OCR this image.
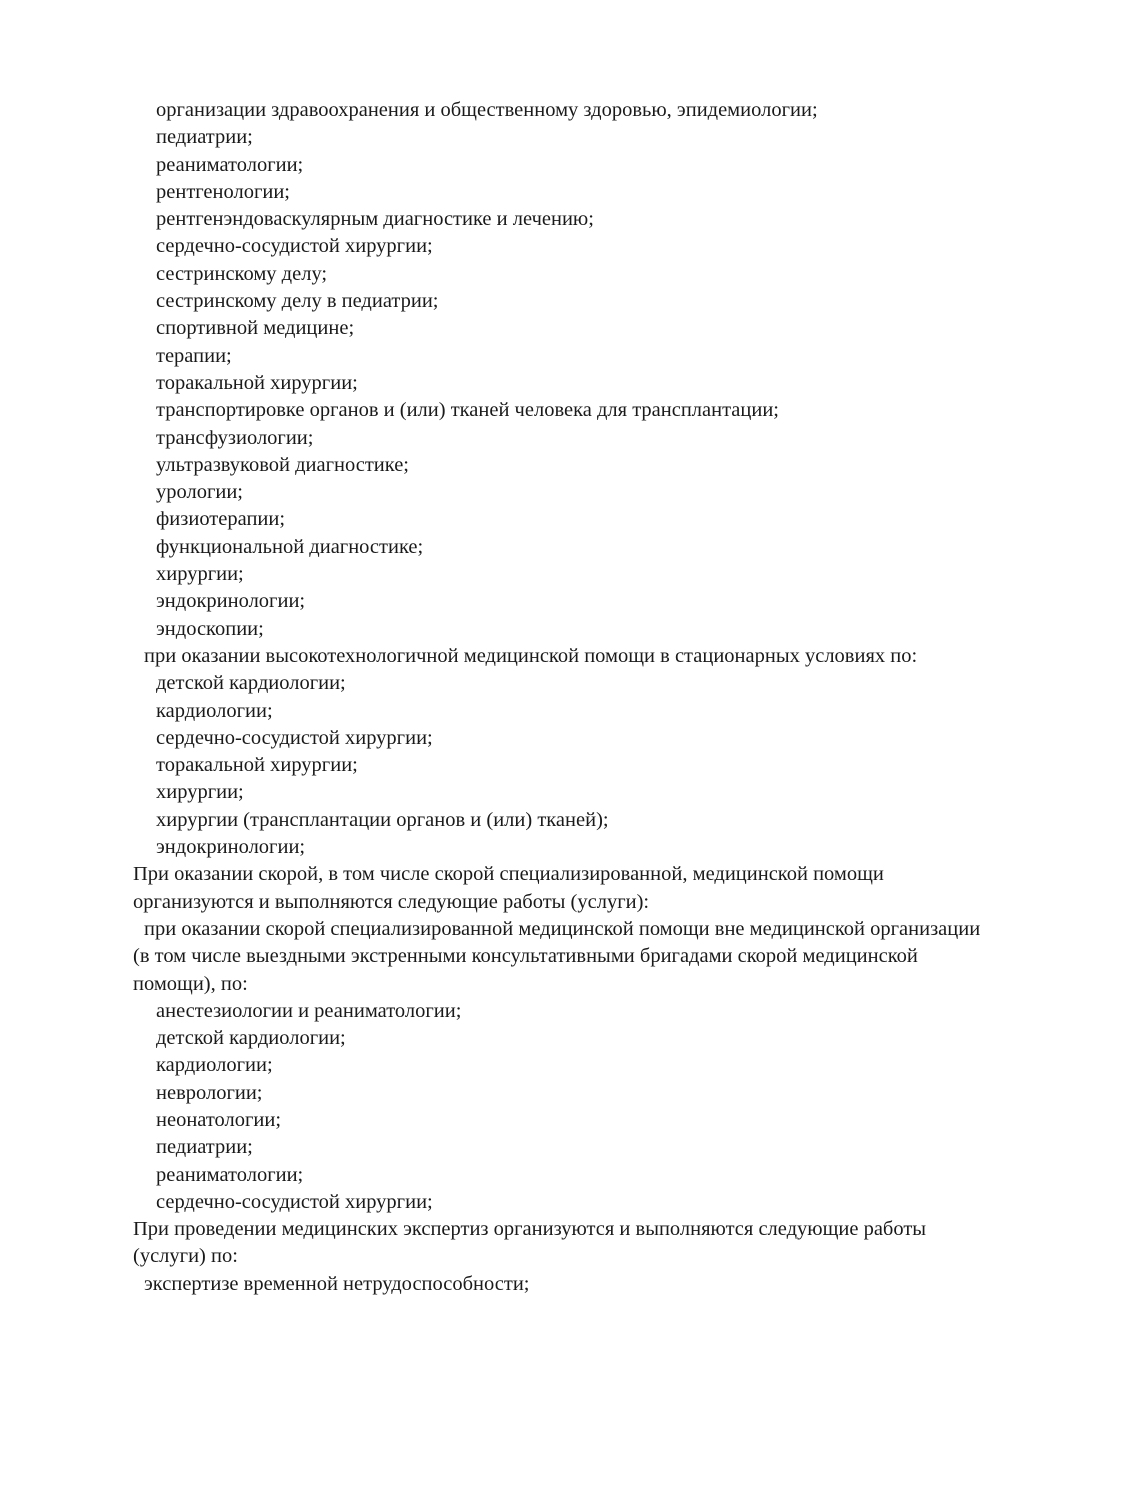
организации здравоохранения и общественному здоровью, эпидемиологии;
педиатрии;
реаниматологии;
рентгенологии;
рентгенэндоваскулярным диагностике и лечению;
сердечно-сосудистой хирургии;
сестринскому делу;
сестринскому делу в педиатрии;
спортивной медицине;
терапии;
торакальной хирургии;
транспортировке органов и (или) тканей человека для трансплантации;
трансфузиологии;
ультразвуковой диагностике;
урологии;
физиотерапии;
функциональной диагностике;
хирургии;
эндокринологии;
эндоскопии;
при оказании высокотехнологичной медицинской помощи в стационарных условиях по:
детской кардиологии;
кардиологии;
сердечно-сосудистой хирургии;
торакальной хирургии;
хирургии;
хирургии (трансплантации органов и (или) тканей);
эндокринологии;
При оказании скорой, в том числе скорой специализированной, медицинской помощи
организуются и выполняются следующие работы (услуги):
при оказании скорой специализированной медицинской помощи вне медицинской организации
(в том числе выездными экстренными консультативными бригадами скорой медицинской
помощи), по:
анестезиологии и реаниматологии;
детской кардиологии;
кардиологии;
неврологии;
неонатологии;
педиатрии;
реаниматологии;
сердечно-сосудистой хирургии;
При проведении медицинских экспертиз организуются и выполняются следующие работы
(услуги) по:
экспертизе временной нетрудоспособности;
